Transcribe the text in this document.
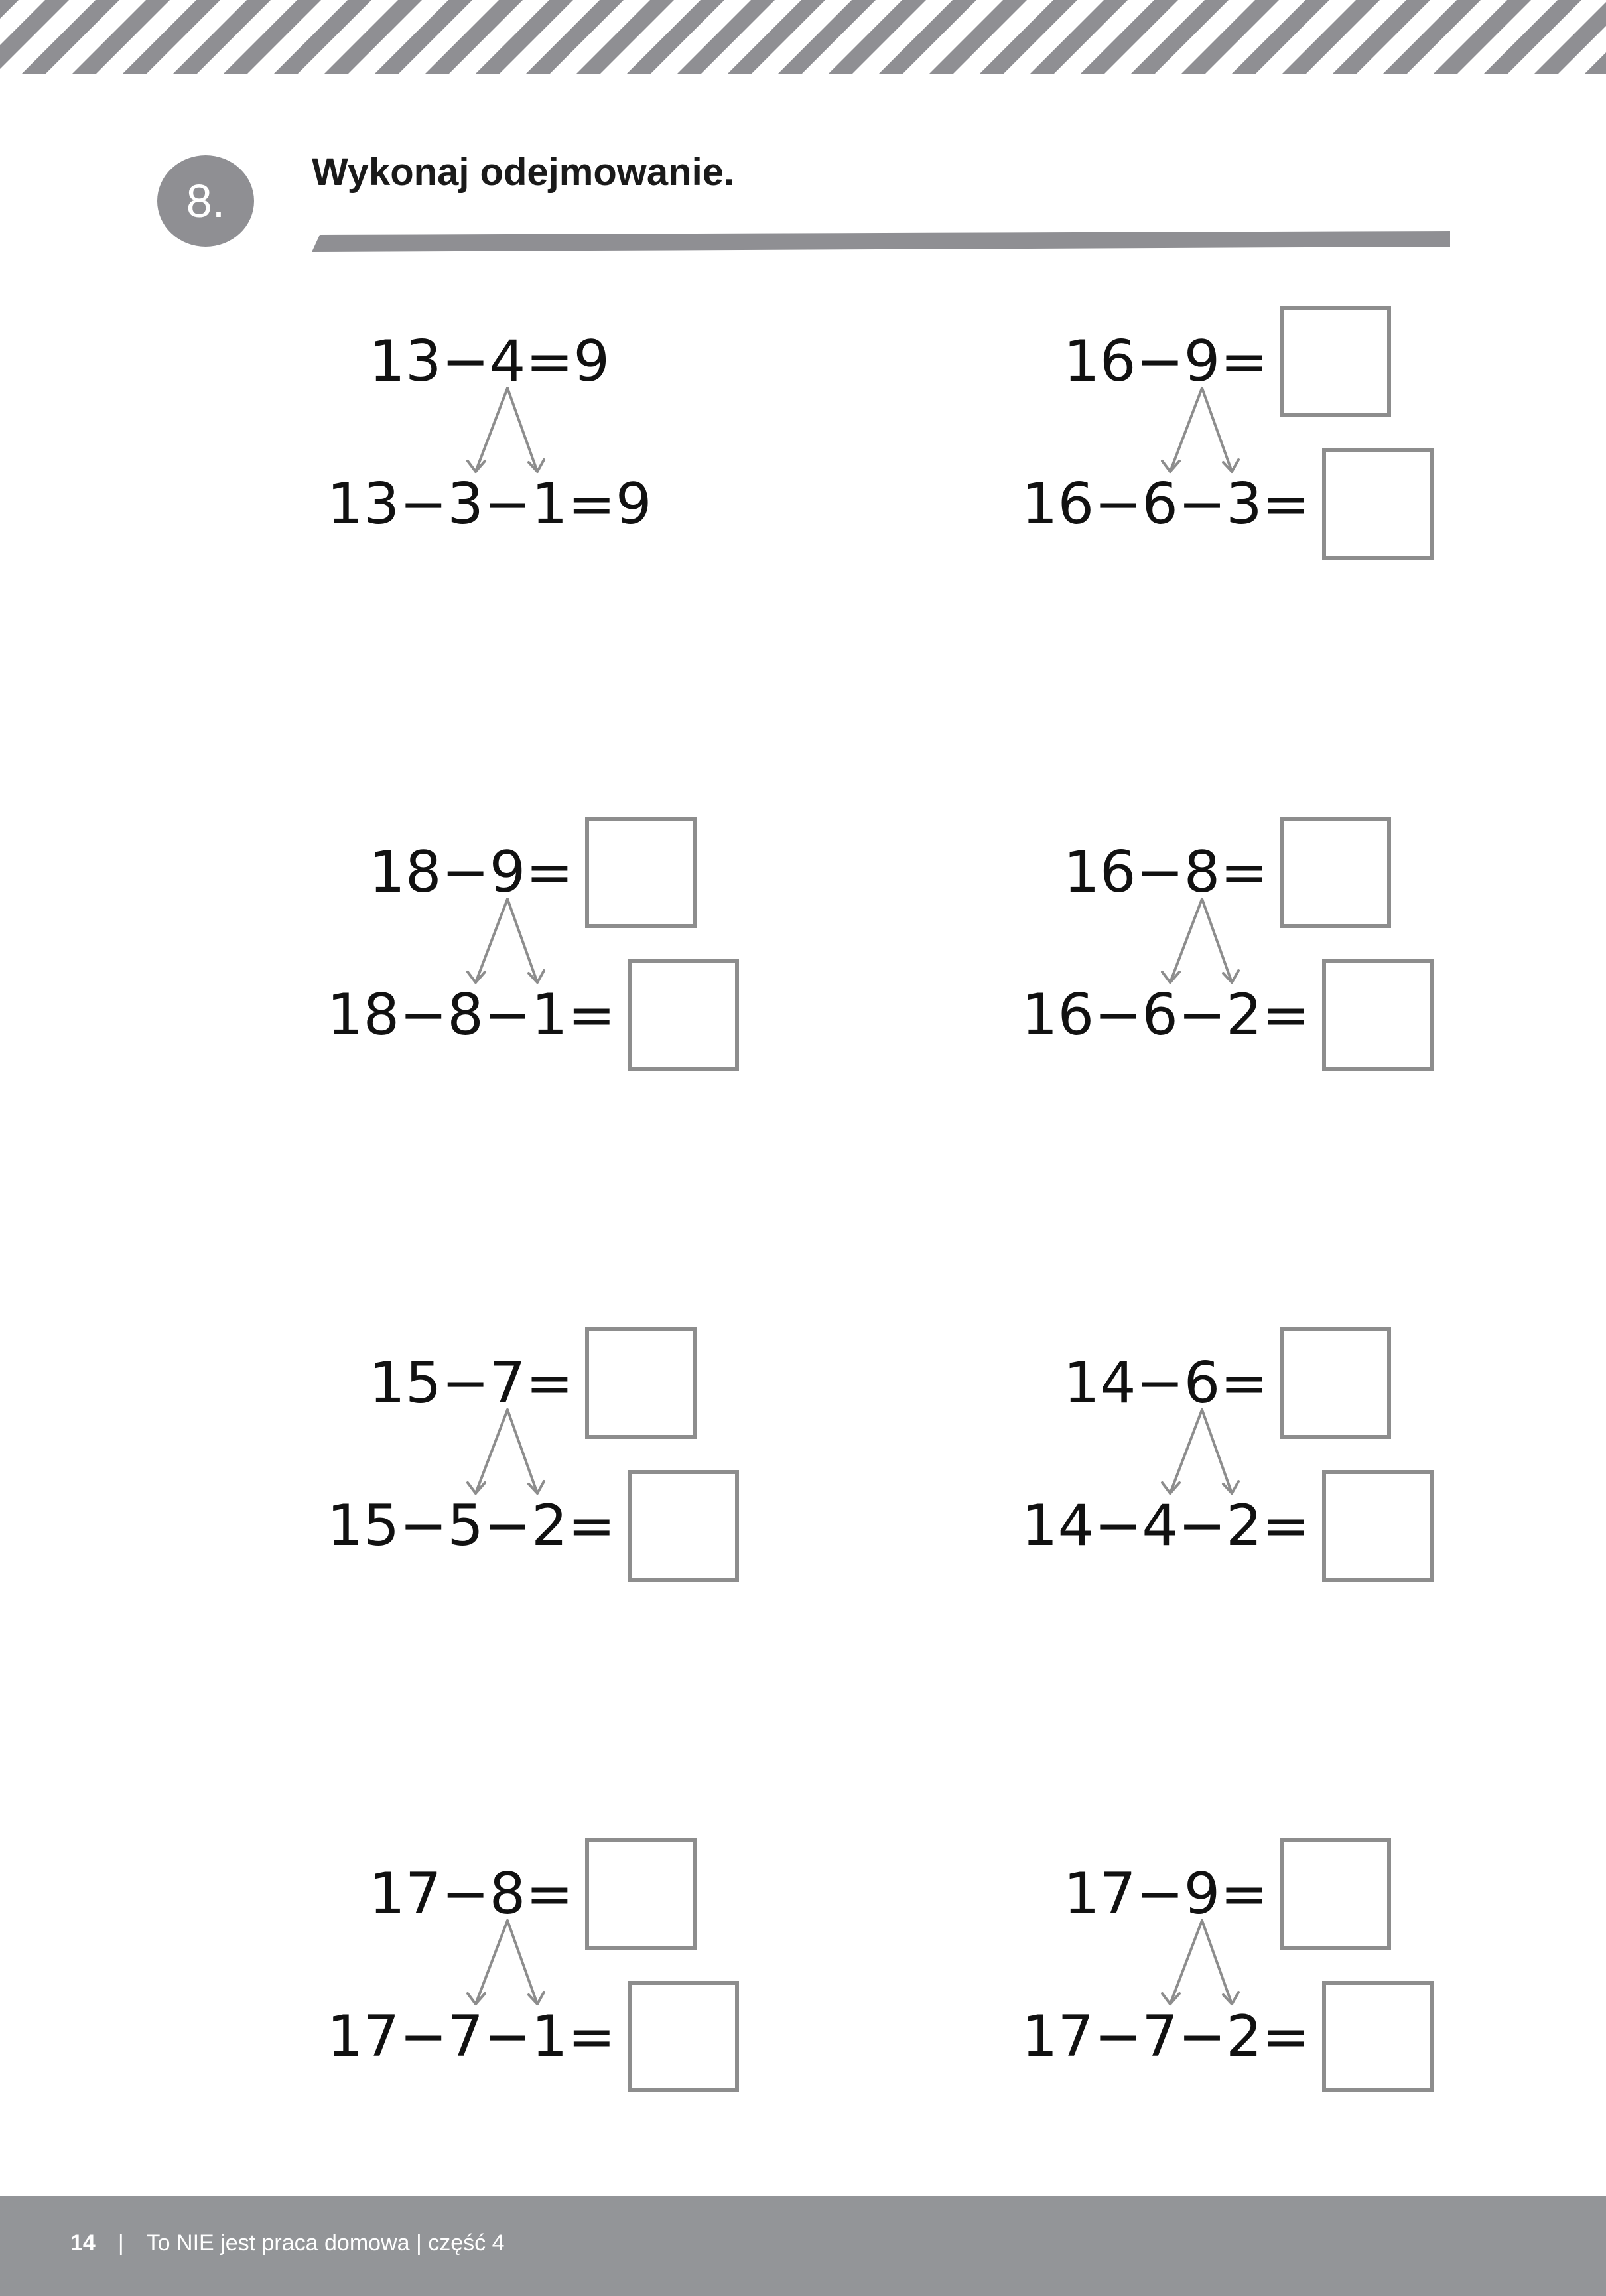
8.
Wykonaj odejmowanie.
13−4=9
13−3−1=9
16−9=
16−6−3=
18−9=
18−8−1=
16−8=
16−6−2=
15−7=
15−5−2=
14−6=
14−4−2=
17−8=
17−7−1=
17−9=
17−7−2=
14 | To NIE jest praca domowa | część 4
